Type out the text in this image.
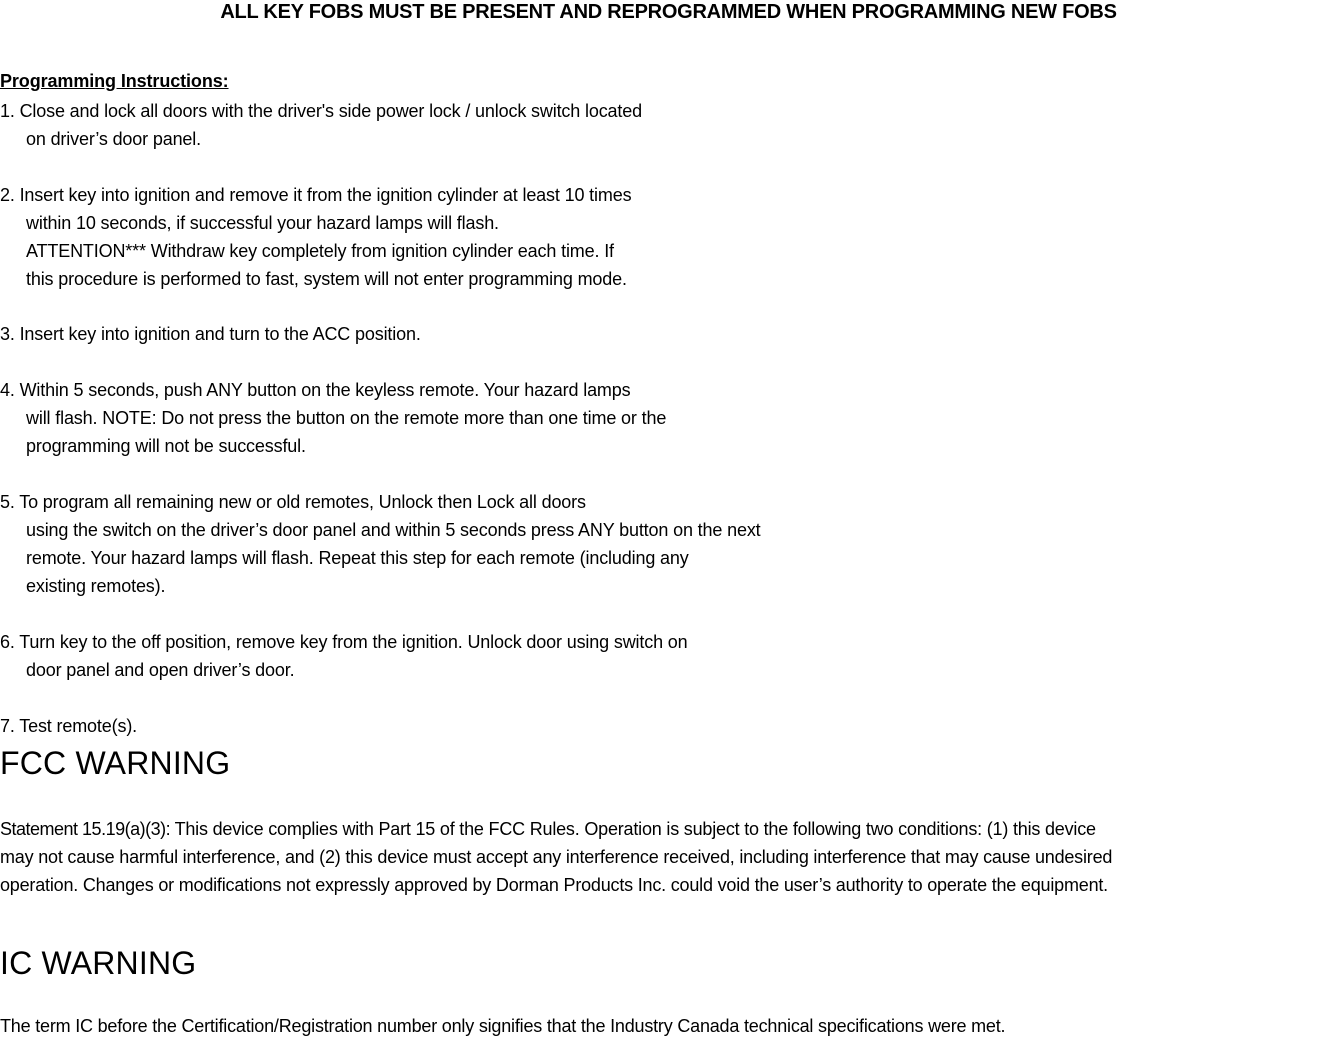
ALL KEY FOBS MUST BE PRESENT AND REPROGRAMMED WHEN PROGRAMMING NEW FOBS
Programming Instructions:
1. Close and lock all doors with the driver's side power lock / unlock switch located
on driver’s door panel.
2. Insert key into ignition and remove it from the ignition cylinder at least 10 times
within 10 seconds, if successful your hazard lamps will flash.
ATTENTION*** Withdraw key completely from ignition cylinder each time. If
this procedure is performed to fast, system will not enter programming mode.
3. Insert key into ignition and turn to the ACC position.
4. Within 5 seconds, push ANY button on the keyless remote. Your hazard lamps
will flash. NOTE: Do not press the button on the remote more than one time or the
programming will not be successful.
5. To program all remaining new or old remotes, Unlock then Lock all doors
using the switch on the driver’s door panel and within 5 seconds press ANY button on the next
remote. Your hazard lamps will flash. Repeat this step for each remote (including any
existing remotes).
6. Turn key to the off position, remove key from the ignition. Unlock door using switch on
door panel and open driver’s door.
7. Test remote(s).
FCC WARNING
Statement 15.19(a)(3): This device complies with Part 15 of the FCC Rules. Operation is subject to the following two conditions: (1) this device
may not cause harmful interference, and (2) this device must accept any interference received, including interference that may cause undesired
operation. Changes or modifications not expressly approved by Dorman Products Inc. could void the user’s authority to operate the equipment.
IC WARNING
The term IC before the Certification/Registration number only signifies that the Industry Canada technical specifications were met.
